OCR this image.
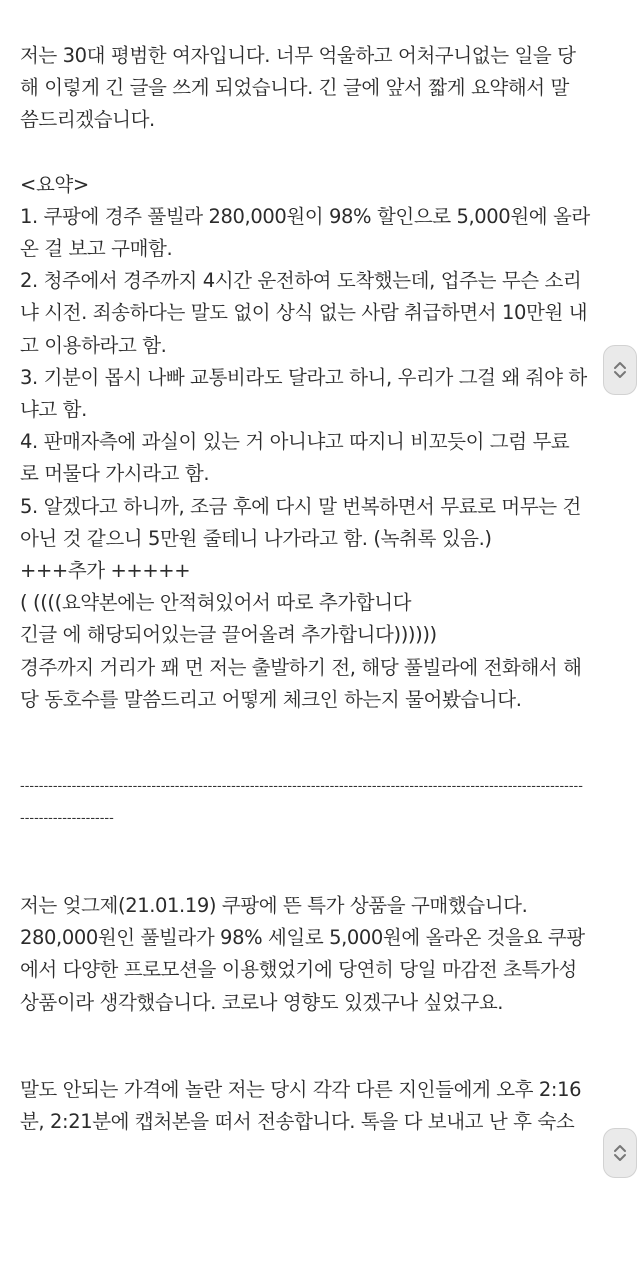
저는 30대 평범한 여자입니다. 너무 억울하고 어처구니없는 일을 당
해 이렇게 긴 글을 쓰게 되었습니다. 긴 글에 앞서 짧게 요약해서 말
씀드리겠습니다.
<요약>
1. 쿠팡에 경주 풀빌라 280,000원이 98% 할인으로 5,000원에 올라
온 걸 보고 구매함.
2. 청주에서 경주까지 4시간 운전하여 도착했는데, 업주는 무슨 소리
냐 시전. 죄송하다는 말도 없이 상식 없는 사람 취급하면서 10만원 내
고 이용하라고 함.
3. 기분이 몹시 나빠 교통비라도 달라고 하니, 우리가 그걸 왜 줘야 하
냐고 함.
4. 판매자측에 과실이 있는 거 아니냐고 따지니 비꼬듯이 그럼 무료
로 머물다 가시라고 함.
5. 알겠다고 하니까, 조금 후에 다시 말 번복하면서 무료로 머무는 건
아닌 것 같으니 5만원 줄테니 나가라고 함. (녹취록 있음.)
+++추가 +++++
( ((((요약본에는 안적혀있어서 따로 추가합니다
긴글 에 해당되어있는글 끌어올려 추가합니다))))))
경주까지 거리가 꽤 먼 저는 출발하기 전, 해당 풀빌라에 전화해서 해
당 동호수를 말씀드리고 어떻게 체크인 하는지 물어봤습니다.
------------------------------------------------------------------------------------------------------------------------
--------------------
저는 엊그제(21.01.19) 쿠팡에 뜬 특가 상품을 구매했습니다.
280,000원인 풀빌라가 98% 세일로 5,000원에 올라온 것을요 쿠팡
에서 다양한 프로모션을 이용했었기에 당연히 당일 마감전 초특가성
상품이라 생각했습니다. 코로나 영향도 있겠구나 싶었구요.
말도 안되는 가격에 놀란 저는 당시 각각 다른 지인들에게 오후 2:16
분, 2:21분에 캡처본을 떠서 전송합니다. 톡을 다 보내고 난 후 숙소
